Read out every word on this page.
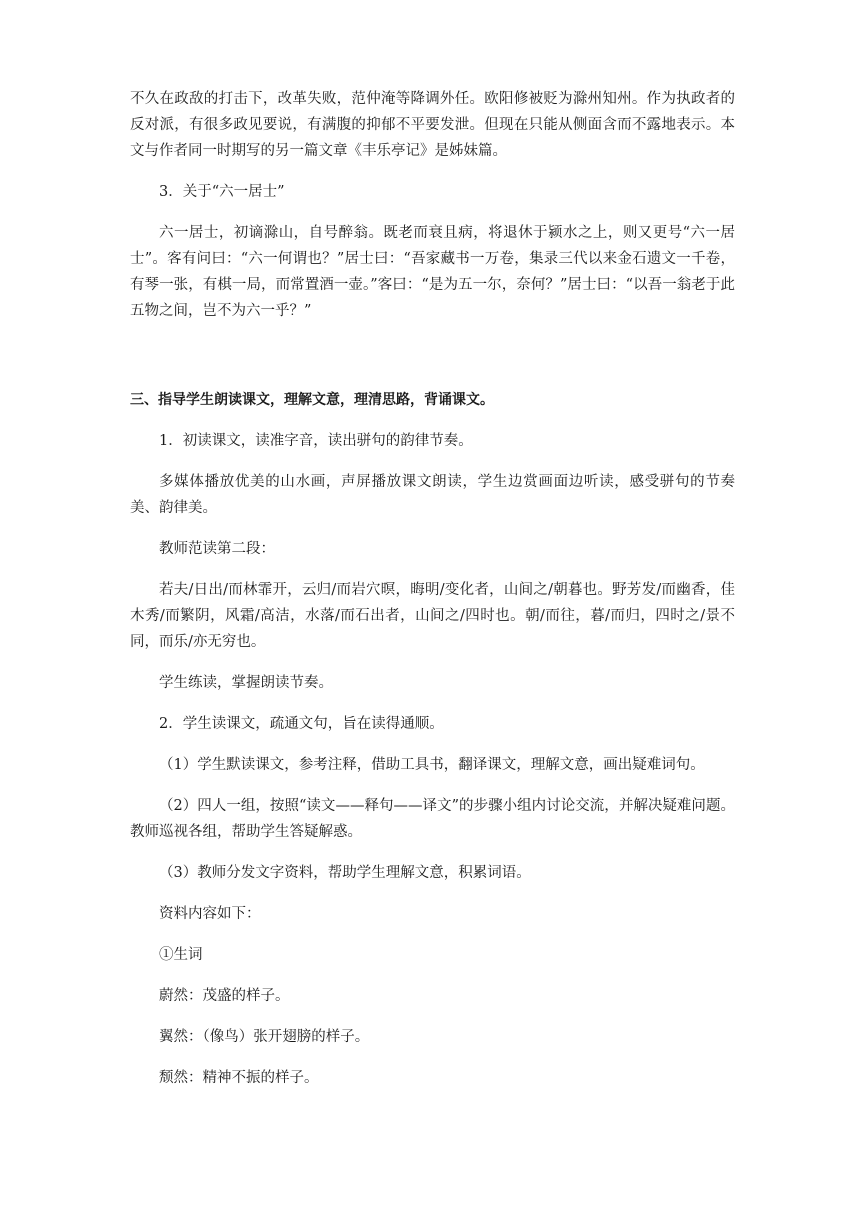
不久在政敌的打击下，改革失败，范仲淹等降调外任。欧阳修被贬为滁州知州。作为执政者的反对派，有很多政见要说，有满腹的抑郁不平要发泄。但现在只能从侧面含而不露地表示。本文与作者同一时期写的另一篇文章《丰乐亭记》是姊妹篇。

3．关于“六一居士”

六一居士，初谪滁山，自号醉翁。既老而衰且病，将退休于颍水之上，则又更号“六一居士”。客有问曰：“六一何谓也？”居士曰：“吾家藏书一万卷，集录三代以来金石遗文一千卷，有琴一张，有棋一局，而常置酒一壶。”客曰：“是为五一尔，奈何？”居士曰：“以吾一翁老于此五物之间，岂不为六一乎？”

三、指导学生朗读课文，理解文意，理清思路，背诵课文。

1．初读课文，读准字音，读出骈句的韵律节奏。

多媒体播放优美的山水画，声屏播放课文朗读，学生边赏画面边听读，感受骈句的节奏美、韵律美。

教师范读第二段：

若夫/日出/而林霏开，云归/而岩穴暝，晦明/变化者，山间之/朝暮也。野芳发/而幽香，佳木秀/而繁阴，风霜/高洁，水落/而石出者，山间之/四时也。朝/而往，暮/而归，四时之/景不同，而乐/亦无穷也。

学生练读，掌握朗读节奏。

2．学生读课文，疏通文句，旨在读得通顺。

（1）学生默读课文，参考注释，借助工具书，翻译课文，理解文意，画出疑难词句。

（2）四人一组，按照“读文——释句——译文”的步骤小组内讨论交流，并解决疑难问题。教师巡视各组，帮助学生答疑解惑。

（3）教师分发文字资料，帮助学生理解文意，积累词语。

资料内容如下：

①生词

蔚然：茂盛的样子。

翼然：（像鸟）张开翅膀的样子。

颓然：精神不振的样子。
